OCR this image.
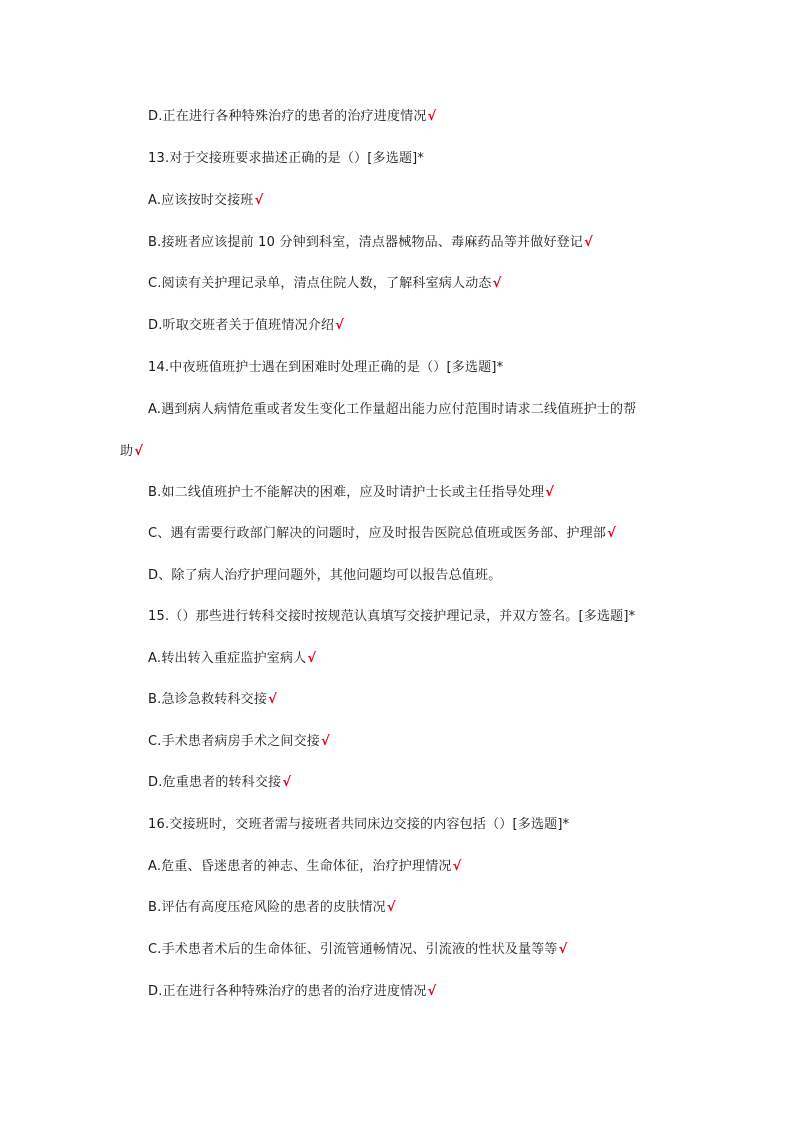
D.正在进行各种特殊治疗的患者的治疗进度情况√
13.对于交接班要求描述正确的是（）[多选题]*
A.应该按时交接班√
B.接班者应该提前 10 分钟到科室，清点器械物品、毒麻药品等并做好登记√
C.阅读有关护理记录单，清点住院人数，了解科室病人动态√
D.听取交班者关于值班情况介绍√
14.中夜班值班护士遇在到困难时处理正确的是（）[多选题]*
A.遇到病人病情危重或者发生变化工作量超出能力应付范围时请求二线值班护士的帮
助√
B.如二线值班护士不能解决的困难，应及时请护士长或主任指导处理√
C、遇有需要行政部门解决的问题时，应及时报告医院总值班或医务部、护理部√
D、除了病人治疗护理问题外，其他问题均可以报告总值班。
15.（）那些进行转科交接时按规范认真填写交接护理记录，并双方签名。[多选题]*
A.转出转入重症监护室病人√
B.急诊急救转科交接√
C.手术患者病房手术之间交接√
D.危重患者的转科交接√
16.交接班时，交班者需与接班者共同床边交接的内容包括（）[多选题]*
A.危重、昏迷患者的神志、生命体征，治疗护理情况√
B.评估有高度压疮风险的患者的皮肤情况√
C.手术患者术后的生命体征、引流管通畅情况、引流液的性状及量等等√
D.正在进行各种特殊治疗的患者的治疗进度情况√
